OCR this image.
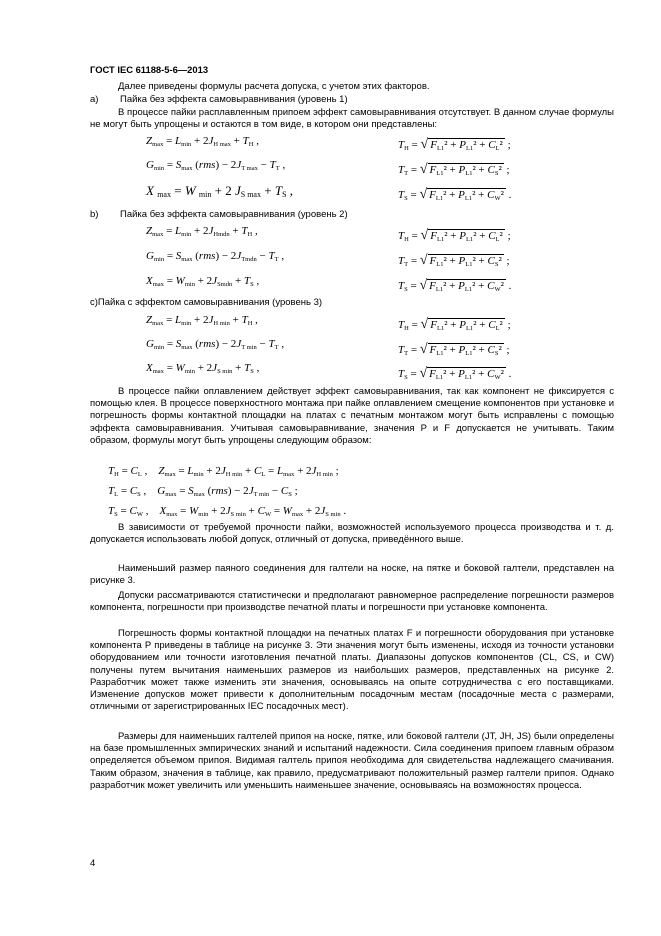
ГОСТ IEC 61188-5-6—2013
Далее приведены формулы расчета допуска, с учетом этих факторов.
a) Пайка без эффекта самовыравнивания (уровень 1)
В процессе пайки расплавленным припоем эффект самовыравнивания отсутствует. В данном случае формулы не могут быть упрощены и остаются в том виде, в котором они представлены:
$Z_{max} = L_{min} + 2J_{H max} + T_H$ ,
$G_{min} = S_{max}$ $(rms) - 2J_{T max} - T_T$ ,
X $_{max}$ = W $_{min}$ + 2 $J_{S max} + T_S$ ,
$T_H$ = √ $F_{L1}^2 + P_{L1}^2 + C_L^2$ ;
$T_T$ = √ $F_{L1}^2 + P_{L1}^2 + C_S^2$ ;
$T_S$ = √ $F_{L1}^2 + P_{L1}^2 + C_W^2$ .
b) Пайка без эффекта самовыравнивания (уровень 2)
$Z_{max} = L_{min} + 2J_{Hmdn} + T_H$ ,
$G_{min} = S_{max}$ $(rms) - 2J_{Tmdn} - T_T$ ,
$X_{max} = W_{min} + 2J_{Smdn} + T_S$ ,
$T_H$ = √ $F_{L1}^2 + P_{L1}^2 + C_L^2$ ;
$T_T$ = √ $F_{L1}^2 + P_{L1}^2 + C_S^2$ ;
$T_S$ = √ $F_{L1}^2 + P_{L1}^2 + C_W^2$ .
с)Пайка с эффектом самовыравнивания (уровень 3)
$Z_{max} = L_{min} + 2J_{H min} + T_H$ ,
$G_{min} = S_{max}$ $(rms) - 2J_{T min} - T_T$ ,
$X_{max} = W_{min} + 2J_{S min} + T_S$ ,
$T_H$ = √ $F_{L1}^2 + P_{L1}^2 + C_L^2$ ;
$T_T$ = √ $F_{L1}^2 + P_{L1}^2 + C_S^2$ ;
$T_S$ = √ $F_{L1}^2 + P_{L1}^2 + C_W^2$ .
В процессе пайки оплавлением действует эффект самовыравнивания, так как компонент не фиксируется с помощью клея. В процессе поверхностного монтажа при пайке оплавлением смещение компонентов при установке и погрешность формы контактной площадки на платах с печатным монтажом могут быть исправлены с помощью эффекта самовыравнивания. Учитывая самовыравнивание, значения P и F допускается не учитывать. Таким образом, формулы могут быть упрощены следующим образом:
$T_H = C_L$ ,    $Z_{max} = L_{min} + 2J_{H min} + C_L = L_{max} + 2J_{H min}$ ;
$T_L = C_S$ ,    $G_{max} = S_{max}$ $(rms) - 2J_{T min} - C_S$ ;
$T_S = C_W$ ,    $X_{max} = W_{min} + 2J_{S min} + C_W = W_{max} + 2J_{S min}$ .
В зависимости от требуемой прочности пайки, возможностей используемого процесса производства и т. д. допускается использовать любой допуск, отличный от допуска, приведённого выше.
Наименьший размер паяного соединения для галтели на носке, на пятке и боковой галтели, представлен на рисунке 3.
Допуски рассматриваются статистически и предполагают равномерное распределение погрешности размеров компонента, погрешности при производстве печатной платы и погрешности при установке компонента.
Погрешность формы контактной площадки на печатных платах F и погрешности оборудования при установке компонента P приведены в таблице на рисунке 3. Эти значения могут быть изменены, исходя из точности установки оборудованием или точности изготовления печатной платы. Диапазоны допусков компонентов (CL, CS, и CW) получены путем вычитания наименьших размеров из наибольших размеров, представленных на рисунке 2. Разработчик может также изменить эти значения, основываясь на опыте сотрудничества с его поставщиками. Изменение допусков может привести к дополнительным посадочным местам (посадочные места с размерами, отличными от зарегистрированных IEC посадочных мест).
Размеры для наименьших галтелей припоя на носке, пятке, или боковой галтели (JT, JH, JS) были определены на базе промышленных эмпирических знаний и испытаний надежности. Сила соединения припоем главным образом определяется объемом припоя. Видимая галтель припоя необходима для свидетельства надлежащего смачивания. Таким образом, значения в таблице, как правило, предусматривают положительный размер галтели припоя. Однако разработчик может увеличить или уменьшить наименьшее значение, основываясь на возможностях процесса.
4
